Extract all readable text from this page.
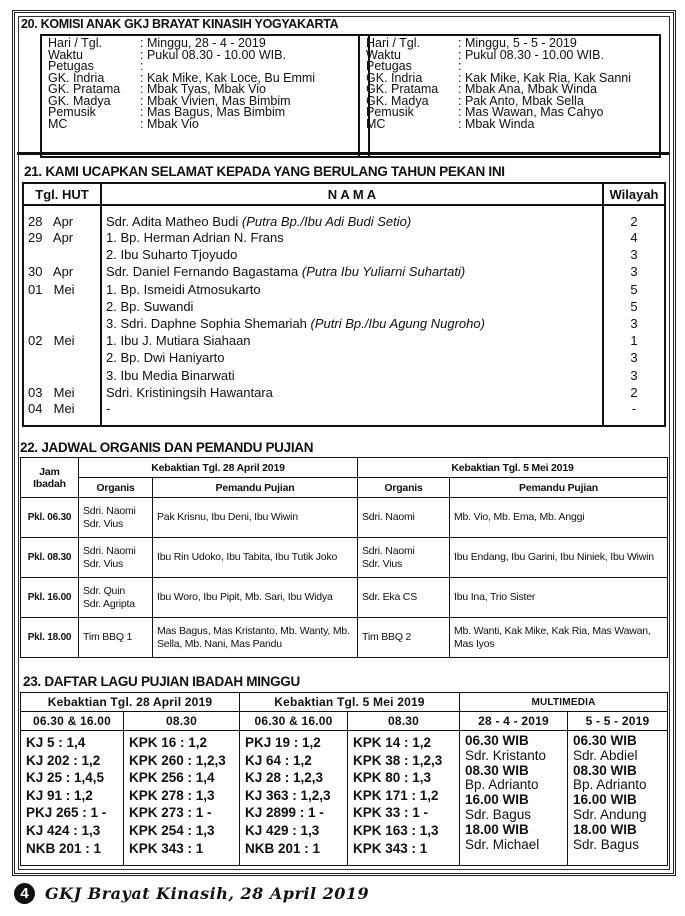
20. KOMISI ANAK GKJ BRAYAT KINASIH YOGYAKARTA
Hari / Tgl.	: Minggu, 28 - 4 - 2019
Waktu	: Pukul 08.30 - 10.00 WIB.
Petugas
:
GK. Indria	: Kak Mike, Kak Loce, Bu Emmi
GK. Pratama	: Mbak Tyas, Mbak Vio
GK. Madya	: Mbak Vivien, Mas Bimbim
Pemusik	: Mas Bagus, Mas Bimbim
MC	: Mbak Vio
Hari / Tgl.	: Minggu, 5 - 5 - 2019
Waktu	: Pukul 08.30 - 10.00 WIB.
Petugas
:
GK. Indria	: Kak Mike, Kak Ria, Kak Sanni
GK. Pratama	: Mbak Ana, Mbak Winda
GK. Madya	: Pak Anto, Mbak Sella
Pemusik	: Mas Wawan, Mas Cahyo
MC	: Mbak Winda
21. KAMI UCAPKAN SELAMAT KEPADA YANG BERULANG TAHUN PEKAN INI
Tgl. HUT	N A M A	Wilayah
28 Apr	Sdr. Adita Matheo Budi (Putra Bp./Ibu Adi Budi Setio)	2
29 Apr	1. Bp. Herman Adrian N. Frans	4
	2. Ibu Suharto Tjoyudo	3
30 Apr	Sdr. Daniel Fernando Bagastama (Putra Ibu Yuliarni Suhartati)	3
01 Mei	1. Bp. Ismeidi Atmosukarto	5
	2. Bp. Suwandi	5
	3. Sdri. Daphne Sophia Shemariah (Putri Bp./Ibu Agung Nugroho)	3
02 Mei	1. Ibu J. Mutiara Siahaan	1
	2. Bp. Dwi Haniyarto	3
	3. Ibu Media Binarwati	3
03 Mei	Sdri. Kristiningsih Hawantara	2
04 Mei	-	-
22. JADWAL ORGANIS DAN PEMANDU PUJIAN
Jam
Ibadah	Kebaktian Tgl. 28 April 2019		Kebaktian Tgl. 5 Mei 2019	
	Organis	Pemandu Pujian	Organis	Pemandu Pujian
Pkl. 06.30	Sdri. Naomi
Sdr. Vius	Pak Krisnu, Ibu Deni, Ibu Wiwin	Sdri. Naomi	Mb. Vio, Mb. Ema, Mb. Anggi
Pkl. 08.30	Sdri. Naomi
Sdr. Vius	Ibu Rin Udoko, Ibu Tabita, Ibu Tutik Joko	Sdri. Naomi
Sdr. Vius	Ibu Endang, Ibu Garini, Ibu Niniek, Ibu Wiwin
Pkl. 16.00	Sdr. Quin
Sdr. Agripta	Ibu Woro, Ibu Pipit, Mb. Sari, Ibu Widya	Sdr. Eka CS	Ibu Ina, Trio Sister
Pkl. 18.00	Tim BBQ 1	Mas Bagus, Mas Kristanto, Mb. Wanty, Mb. Sella, Mb. Nani, Mas Pandu	Tim BBQ 2	Mb. Wanti, Kak Mike, Kak Ria, Mas Wawan, Mas Iyos
23. DAFTAR LAGU PUJIAN IBADAH MINGGU
Kebaktian Tgl. 28 April 2019		Kebaktian Tgl. 5 Mei 2019		MULTIMEDIA	
06.30 & 16.00	08.30	06.30 & 16.00	08.30	28 - 4 - 2019	5 - 5 - 2019

KJ 5 : 1,4
KJ 202 : 1,2
KJ 25 : 1,4,5
KJ 91 : 1,2
PKJ 265 : 1 -
KJ 424 : 1,3
NKB 201 : 1

KPK 16 : 1,2
KPK 260 : 1,2,3
KPK 256 : 1,4
KPK 278 : 1,3
KPK 273 : 1 -
KPK 254 : 1,3
KPK 343 : 1

PKJ 19 : 1,2
KJ 64 : 1,2
KJ 28 : 1,2,3
KJ 363 : 1,2,3
KJ 2899 : 1 -
KJ 429 : 1,3
NKB 201 : 1

KPK 14 : 1,2
KPK 38 : 1,2,3
KPK 80 : 1,3
KPK 171 : 1,2
KPK 33 : 1 -
KPK 163 : 1,3
KPK 343 : 1

06.30 WIB
Sdr. Kristanto
08.30 WIB
Bp. Adrianto
16.00 WIB
Sdr. Bagus
18.00 WIB
Sdr. Michael

06.30 WIB
Sdr. Abdiel
08.30 WIB
Bp. Adrianto
16.00 WIB
Sdr. Andung
18.00 WIB
Sdr. Bagus
4	GKJ Brayat Kinasih, 28 April 2019
